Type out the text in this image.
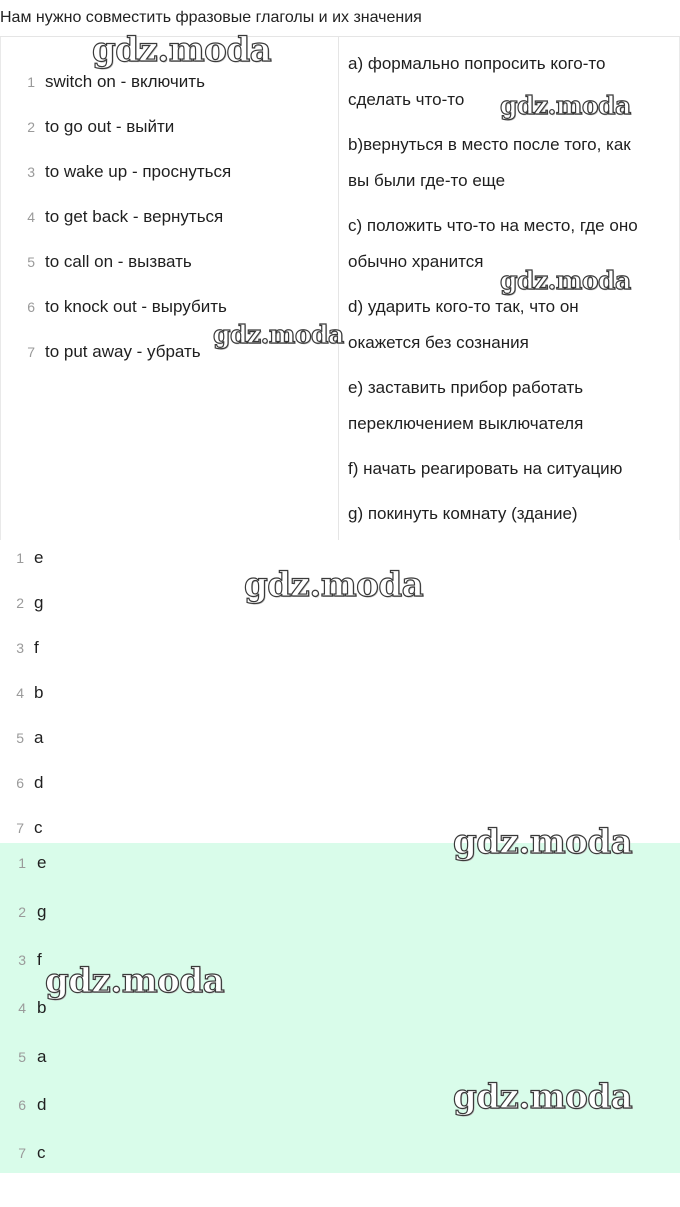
Нам нужно совместить фразовые глаголы и их значения
1 switch on - включить
2 to go out - выйти
3 to wake up - проснуться
4 to get back - вернуться
5 to call on - вызвать
6 to knock out - вырубить
7 to put away - убрать
а) формально попросить кого-то
сделать что-то
b)вернуться в место после того, как
вы были где-то еще
c) положить что-то на место, где оно
обычно хранится
d) ударить кого-то так, что он
окажется без сознания
e) заставить прибор работать
переключением выключателя
f) начать реагировать на ситуацию
g) покинуть комнату (здание)
1 e
2 g
3 f
4 b
5 a
6 d
7 c
1 e
2 g
3 f
4 b
5 a
6 d
7 c
gdz.moda
gdz.moda
gdz.moda
gdz.moda
gdz.moda
gdz.moda
gdz.moda
gdz.moda
